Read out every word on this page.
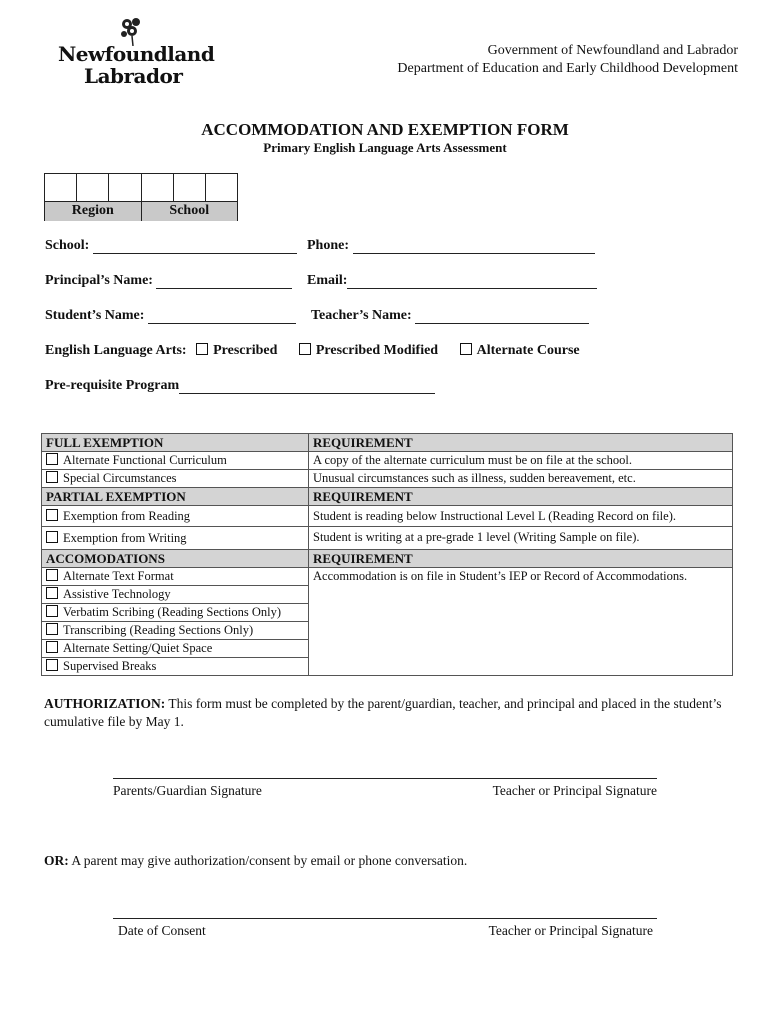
Newfoundland
Labrador
Government of Newfoundland and Labrador
Department of Education and Early Childhood Development
ACCOMMODATION AND EXEMPTION FORM
Primary English Language Arts Assessment
Region	School
School:	Phone:
Principal’s Name:	Email:
Student’s Name:	Teacher’s Name:
English Language Arts: Prescribed	Prescribed Modified	Alternate Course
Pre-requisite Program
FULL EXEMPTION	REQUIREMENT
Alternate Functional Curriculum	A copy of the alternate curriculum must be on file at the school.
Special Circumstances	Unusual circumstances such as illness, sudden bereavement, etc.
PARTIAL EXEMPTION	REQUIREMENT
Exemption from Reading	Student is reading below Instructional Level L (Reading Record on file).
Exemption from Writing	Student is writing at a pre-grade 1 level (Writing Sample on file).
ACCOMODATIONS	REQUIREMENT
Alternate Text Format	Accommodation is on file in Student’s IEP or Record of Accommodations.
Assistive Technology	
Verbatim Scribing (Reading Sections Only)	
Transcribing (Reading Sections Only)	
Alternate Setting/Quiet Space	
Supervised Breaks	
AUTHORIZATION: This form must be completed by the parent/guardian, teacher, and principal and placed in the student’s cumulative file by May 1.
Parents/Guardian Signature	Teacher or Principal Signature
OR: A parent may give authorization/consent by email or phone conversation.
Date of Consent	Teacher or Principal Signature
